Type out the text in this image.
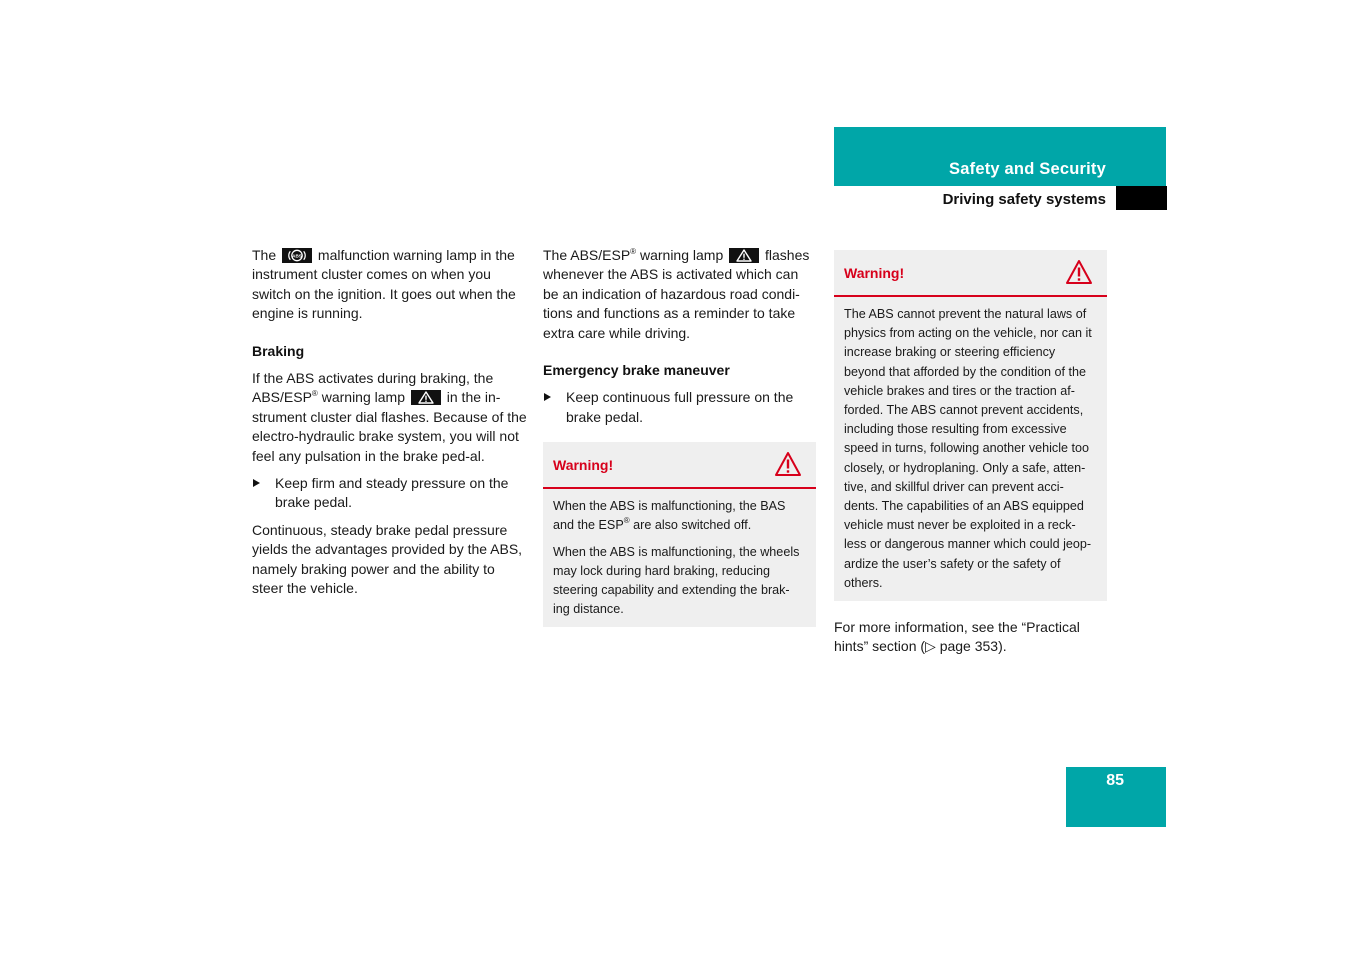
Safety and Security
Driving safety systems

The	ABS malfunction warning lamp in the instrument cluster comes on when you switch on the ignition. It goes out when the engine is running.

Braking

If the ABS activates during braking, the ABS/ESP® warning lamp	in the in-strument cluster dial flashes. Because of the electro-hydraulic brake system, you will not feel any pulsation in the brake ped-al.

Keep firm and steady pressure on the brake pedal.

Continuous, steady brake pedal pressure yields the advantages provided by the ABS, namely braking power and the ability to steer the vehicle.

The ABS/ESP® warning lamp	flashes whenever the ABS is activated which can be an indication of hazardous road condi-tions and functions as a reminder to take extra care while driving.

Emergency brake maneuver

Keep continuous full pressure on the brake pedal.

Warning!

When the ABS is malfunctioning, the BAS and the ESP® are also switched off.

When the ABS is malfunctioning, the wheels may lock during hard braking, reducing steering capability and extending the brak-ing distance.

Warning!

The ABS cannot prevent the natural laws of physics from acting on the vehicle, nor can it increase braking or steering efficiency beyond that afforded by the condition of the vehicle brakes and tires or the traction af-forded. The ABS cannot prevent accidents, including those resulting from excessive speed in turns, following another vehicle too closely, or hydroplaning. Only a safe, atten-tive, and skillful driver can prevent acci-dents. The capabilities of an ABS equipped vehicle must never be exploited in a reck-less or dangerous manner which could jeop-ardize the user’s safety or the safety of others.

For more information, see the “Practical hints” section (▷ page 353).

85
